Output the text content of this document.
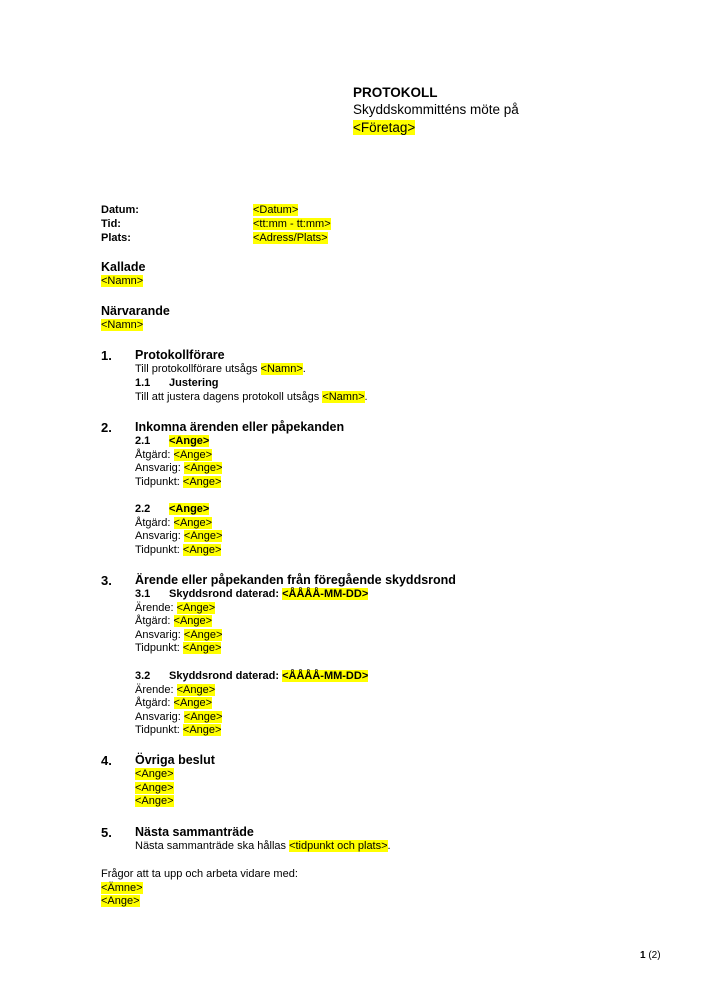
PROTOKOLL
Skyddskommitténs möte på
<Företag>
Datum:	<Datum>
Tid:	<tt:mm - tt:mm>
Plats:	<Adress/Plats>
Kallade
<Namn>
Närvarande
<Namn>
1. Protokollförare
Till protokollförare utsågs <Namn>.
1.1 Justering
Till att justera dagens protokoll utsågs <Namn>.
2. Inkomna ärenden eller påpekanden
2.1 <Ange>
Åtgärd: <Ange>
Ansvarig: <Ange>
Tidpunkt: <Ange>
2.2 <Ange>
Åtgärd: <Ange>
Ansvarig: <Ange>
Tidpunkt: <Ange>
3. Ärende eller påpekanden från föregående skyddsrond
3.1 Skyddsrond daterad: <ÅÅÅÅ-MM-DD>
Ärende: <Ange>
Åtgärd: <Ange>
Ansvarig: <Ange>
Tidpunkt: <Ange>
3.2 Skyddsrond daterad: <ÅÅÅÅ-MM-DD>
Ärende: <Ange>
Åtgärd: <Ange>
Ansvarig: <Ange>
Tidpunkt: <Ange>
4. Övriga beslut
<Ange>
<Ange>
<Ange>
5. Nästa sammanträde
Nästa sammanträde ska hållas <tidpunkt och plats>.
Frågor att ta upp och arbeta vidare med:
<Ämne>
<Ange>
1 (2)
